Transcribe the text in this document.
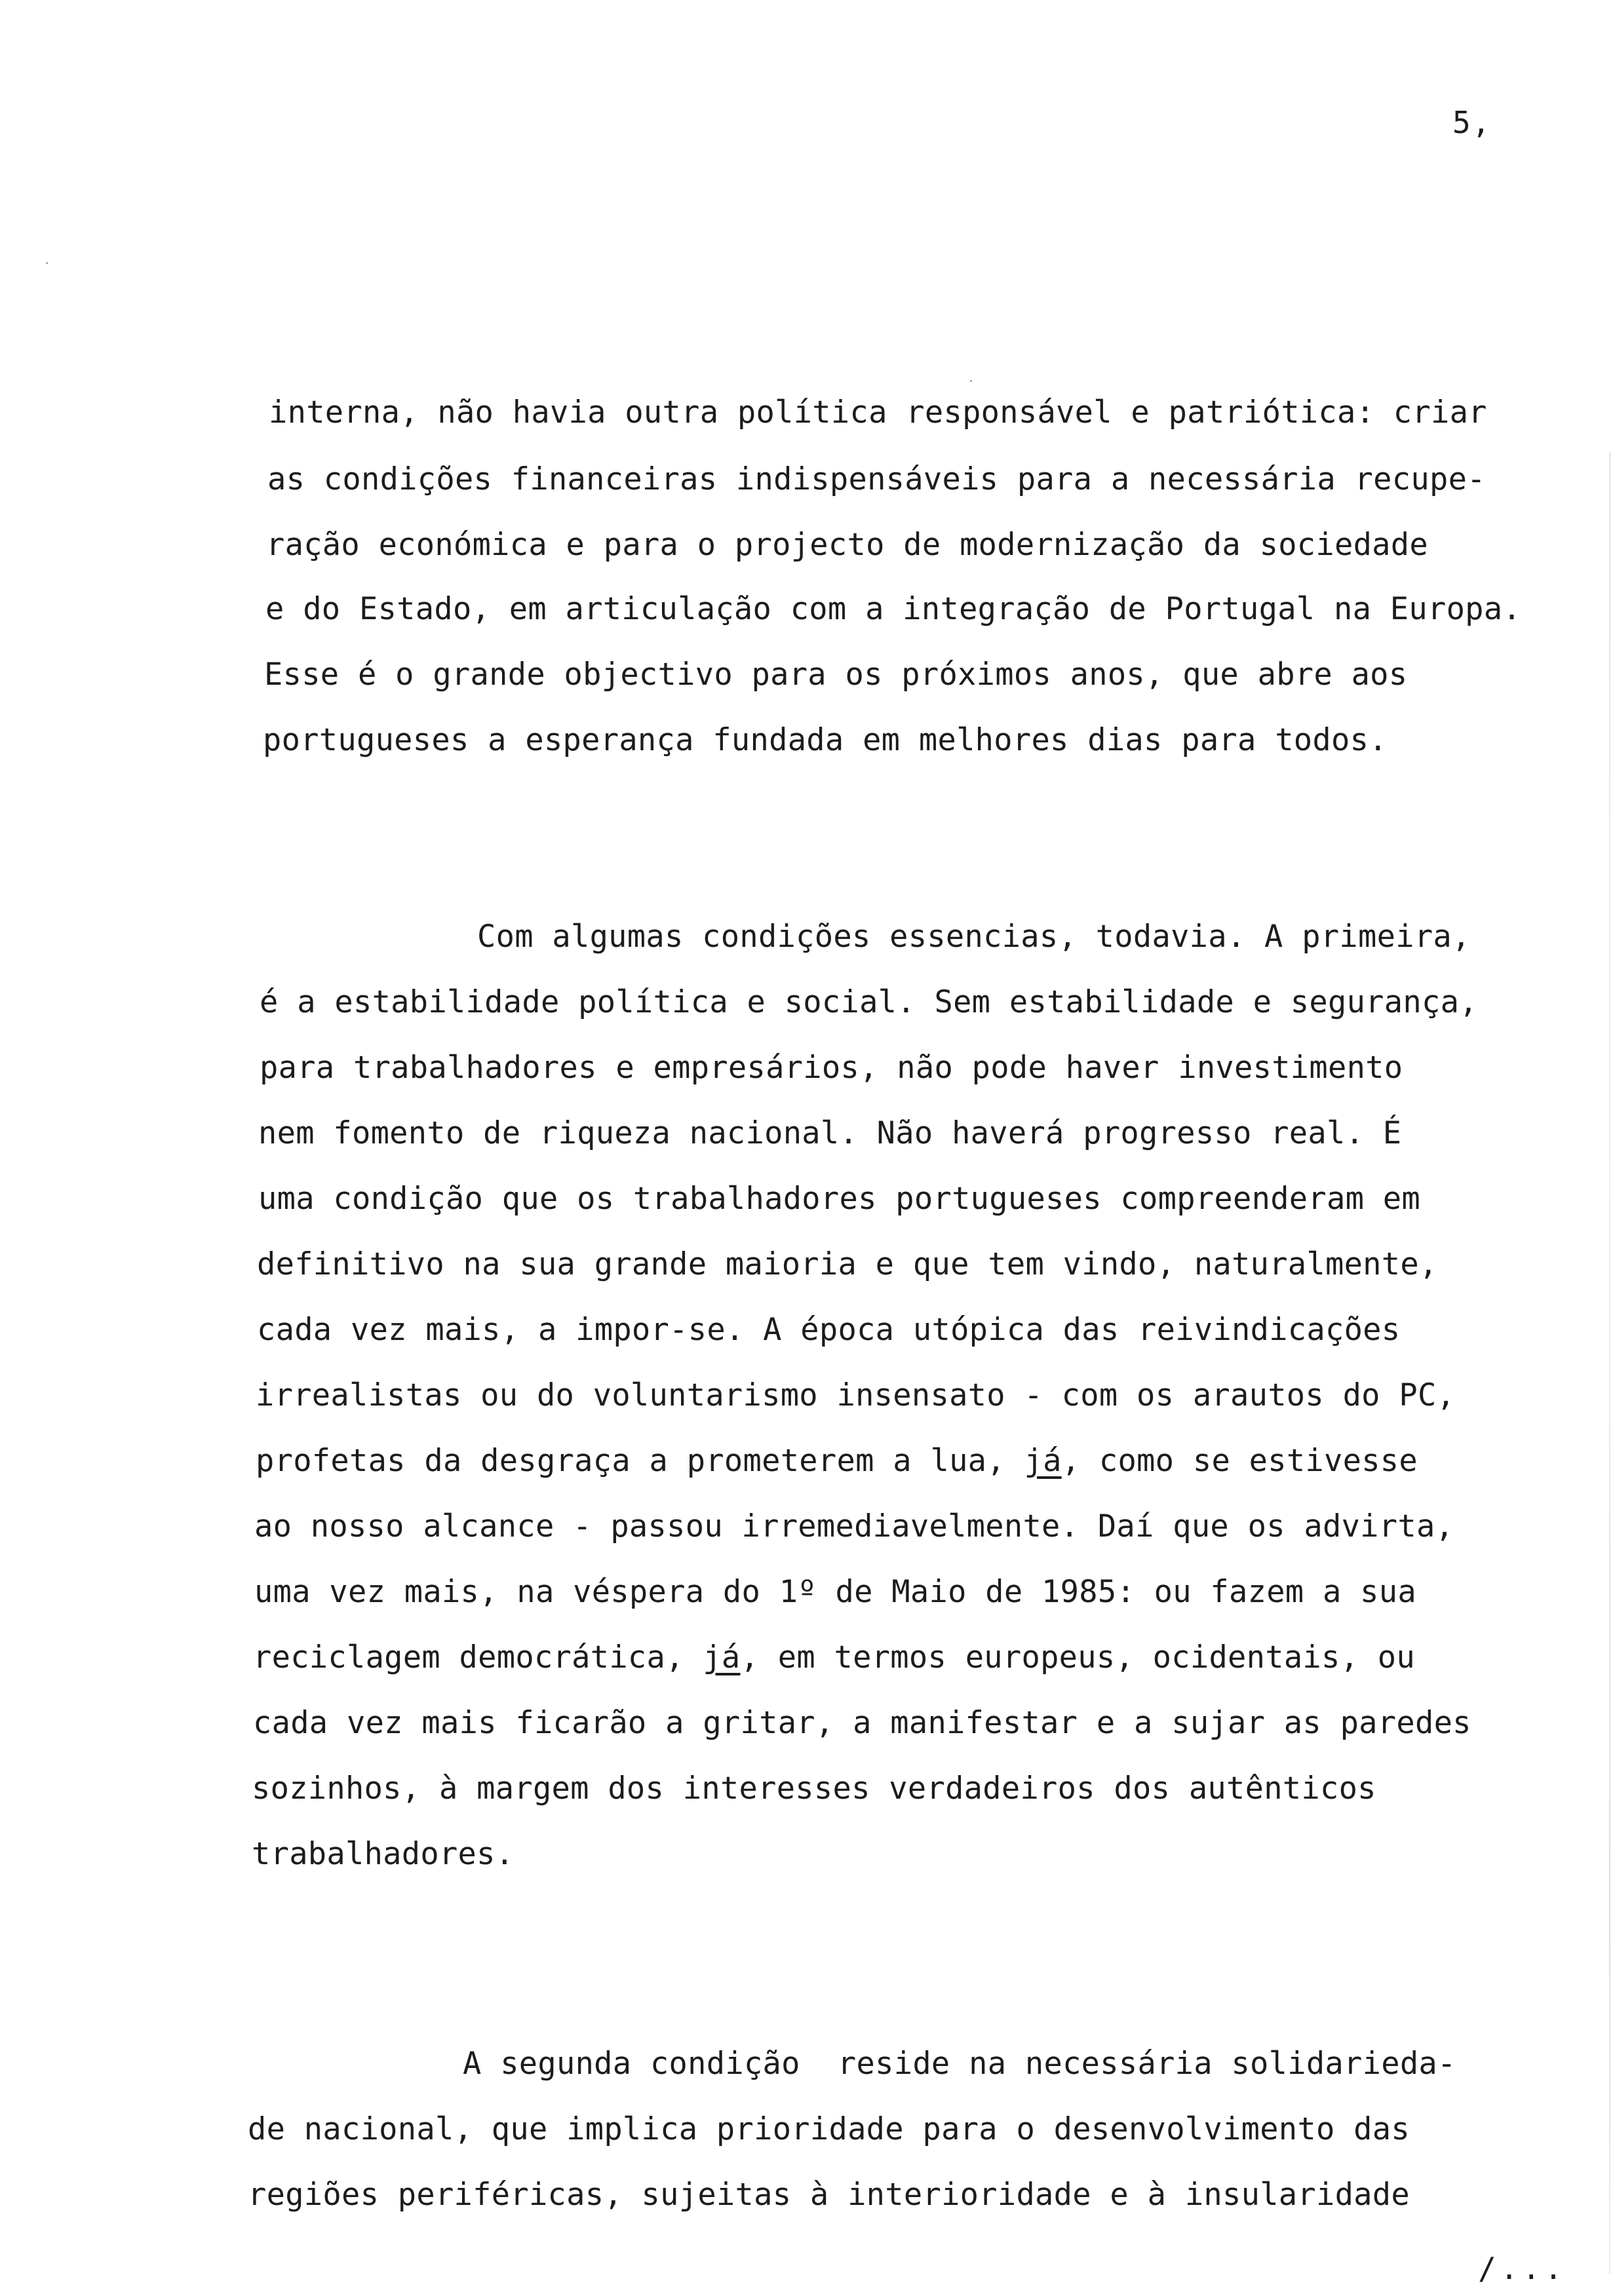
5,
interna, não havia outra política responsável e patriótica: criar
as condições financeiras indispensáveis para a necessária recupe-
ração económica e para o projecto de modernização da sociedade
e do Estado, em articulação com a integração de Portugal na Europa.
Esse é o grande objectivo para os próximos anos, que abre aos
portugueses a esperança fundada em melhores dias para todos.
Com algumas condições essencias, todavia. A primeira,
é a estabilidade política e social. Sem estabilidade e segurança,
para trabalhadores e empresários, não pode haver investimento
nem fomento de riqueza nacional. Não haverá progresso real. É
uma condição que os trabalhadores portugueses compreenderam em
definitivo na sua grande maioria e que tem vindo, naturalmente,
cada vez mais, a impor-se. A época utópica das reivindicações
irrealistas ou do voluntarismo insensato - com os arautos do PC,
profetas da desgraça a prometerem a lua, já, como se estivesse
ao nosso alcance - passou irremediavelmente. Daí que os advirta,
uma vez mais, na véspera do 1º de Maio de 1985: ou fazem a sua
reciclagem democrática, já, em termos europeus, ocidentais, ou
cada vez mais ficarão a gritar, a manifestar e a sujar as paredes
sozinhos, à margem dos interesses verdadeiros dos autênticos
trabalhadores.
A segunda condição  reside na necessária solidarieda-
de nacional, que implica prioridade para o desenvolvimento das
regiões periféricas, sujeitas à interioridade e à insularidade
/...
